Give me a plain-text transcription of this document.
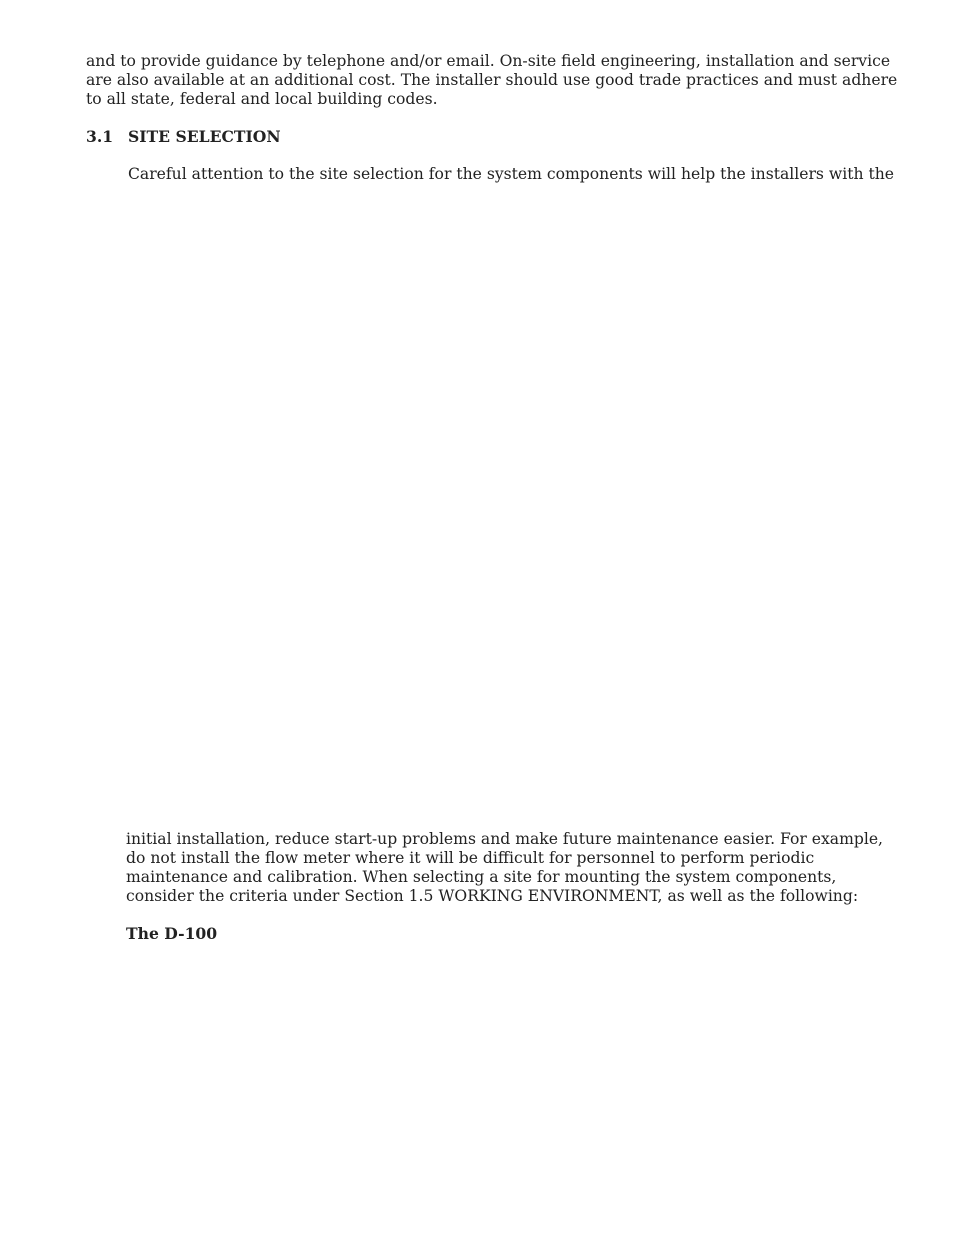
and to provide guidance by telephone and/or email. On-site field engineering, installation and service
are also available at an additional cost. The installer should use good trade practices and must adhere
to all state, federal and local building codes.

3.1 SITE SELECTION

Careful attention to the site selection for the system components will help the installers with the

initial installation, reduce start-up problems and make future maintenance easier. For example,
do not install the flow meter where it will be difficult for personnel to perform periodic
maintenance and calibration. When selecting a site for mounting the system components,
consider the criteria under Section 1.5 WORKING ENVIRONMENT, as well as the following:

The D-100
